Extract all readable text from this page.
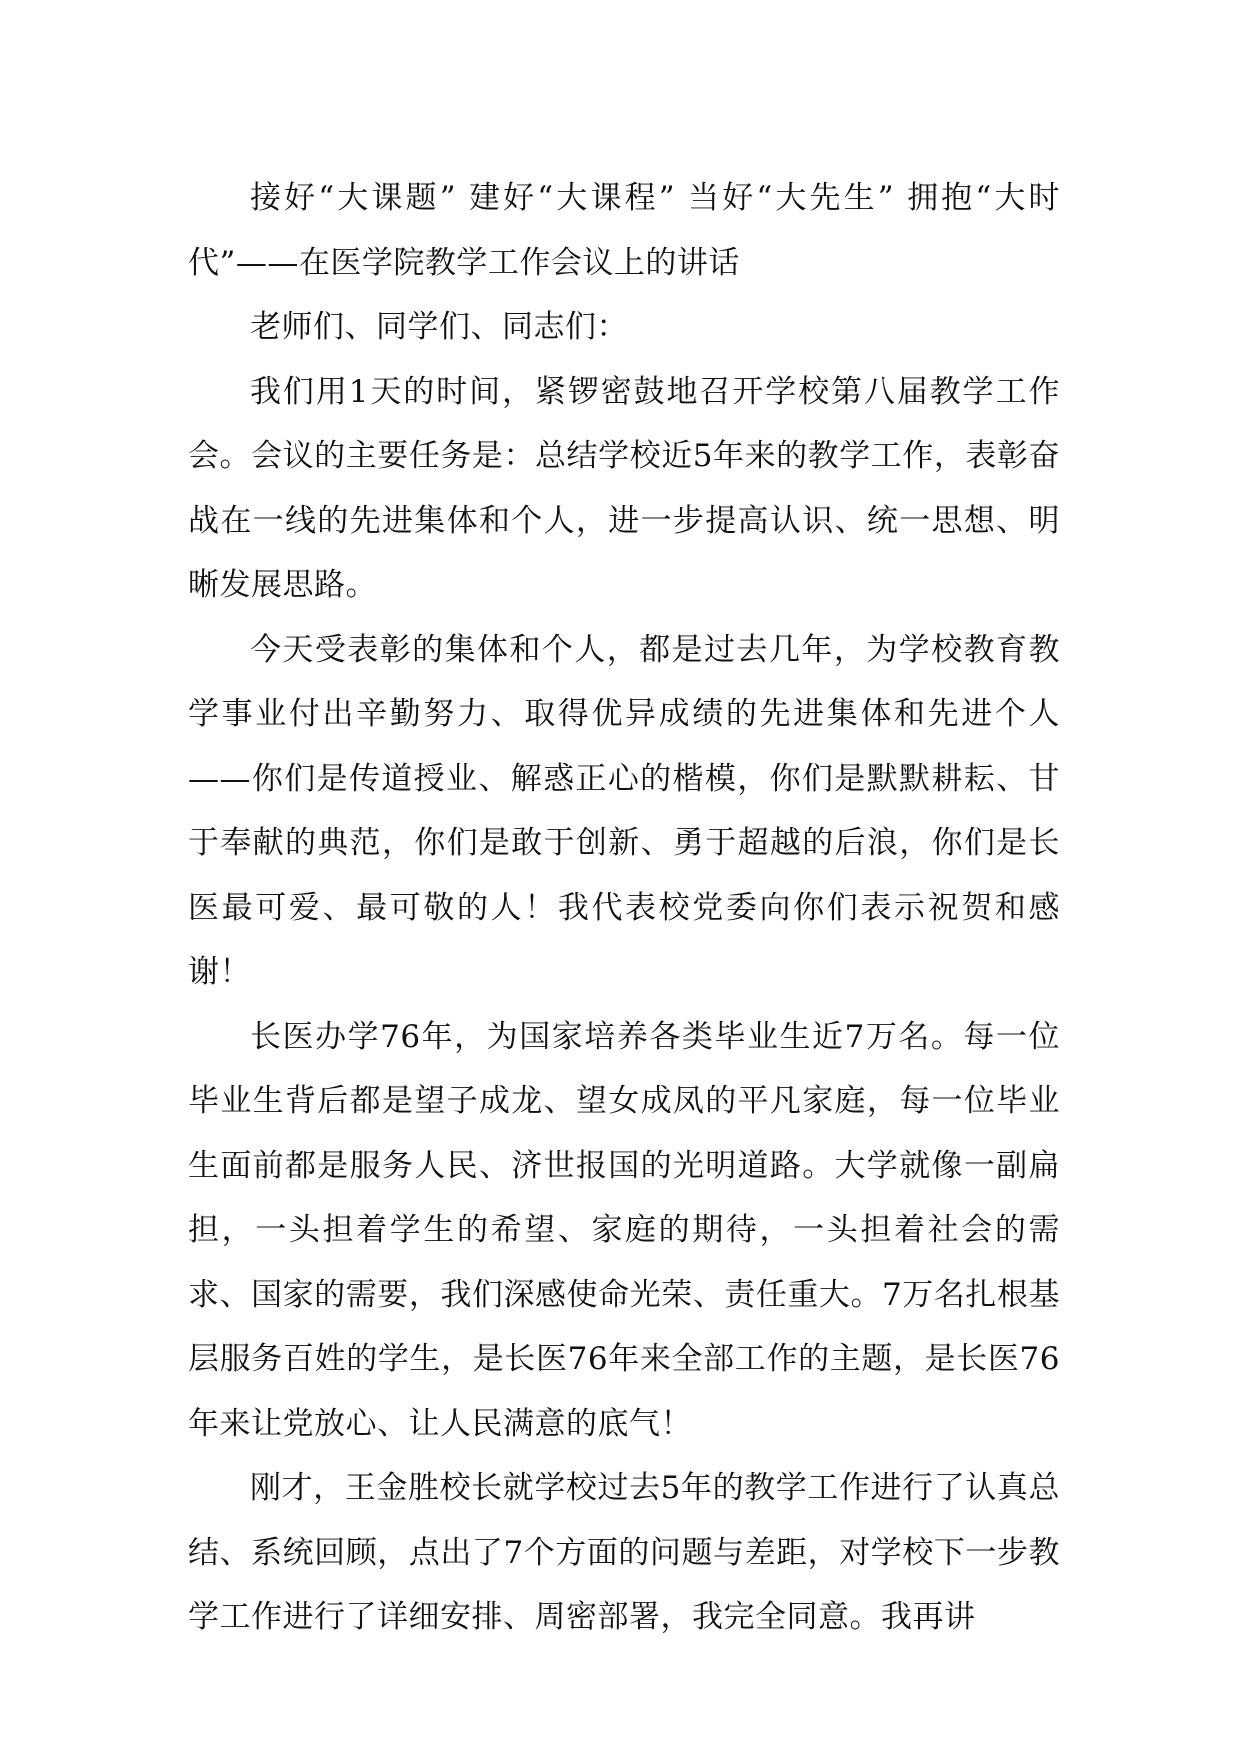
接好“大课题” 建好“大课程” 当好“大先生” 拥抱“大时代”——在医学院教学工作会议上的讲话

老师们、同学们、同志们：

我们用1天的时间，紧锣密鼓地召开学校第八届教学工作会。会议的主要任务是：总结学校近5年来的教学工作，表彰奋战在一线的先进集体和个人，进一步提高认识、统一思想、明晰发展思路。

今天受表彰的集体和个人，都是过去几年，为学校教育教学事业付出辛勤努力、取得优异成绩的先进集体和先进个人——你们是传道授业、解惑正心的楷模，你们是默默耕耘、甘于奉献的典范，你们是敢于创新、勇于超越的后浪，你们是长医最可爱、最可敬的人！我代表校党委向你们表示祝贺和感谢！

长医办学76年，为国家培养各类毕业生近7万名。每一位毕业生背后都是望子成龙、望女成凤的平凡家庭，每一位毕业生面前都是服务人民、济世报国的光明道路。大学就像一副扁担，一头担着学生的希望、家庭的期待，一头担着社会的需求、国家的需要，我们深感使命光荣、责任重大。7万名扎根基层服务百姓的学生，是长医76年来全部工作的主题，是长医76年来让党放心、让人民满意的底气！

刚才，王金胜校长就学校过去5年的教学工作进行了认真总结、系统回顾，点出了7个方面的问题与差距，对学校下一步教学工作进行了详细安排、周密部署，我完全同意。我再讲
